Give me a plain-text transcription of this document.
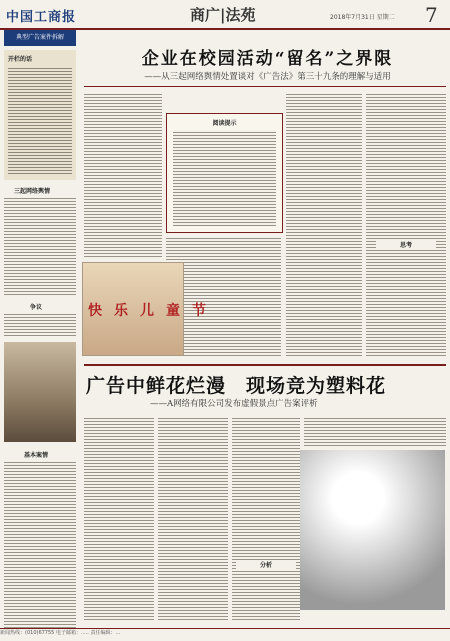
中国工商报	商广|法苑	2018年7月31日 星期二 7
典型广告案件拆解
开栏的话
三起网络舆情
争议
基本案情
企业在校园活动“留名”之界限
——从三起网络舆情处置谈对《广告法》第三十九条的理解与适用
阅读提示
思考
快乐儿童节
广告中鲜花烂漫　现场竞为塑料花
——A网络有限公司发布虚假景点广告案评析
分析
新闻热线：(010)67755 电子邮箱：..... 责任编辑：...
